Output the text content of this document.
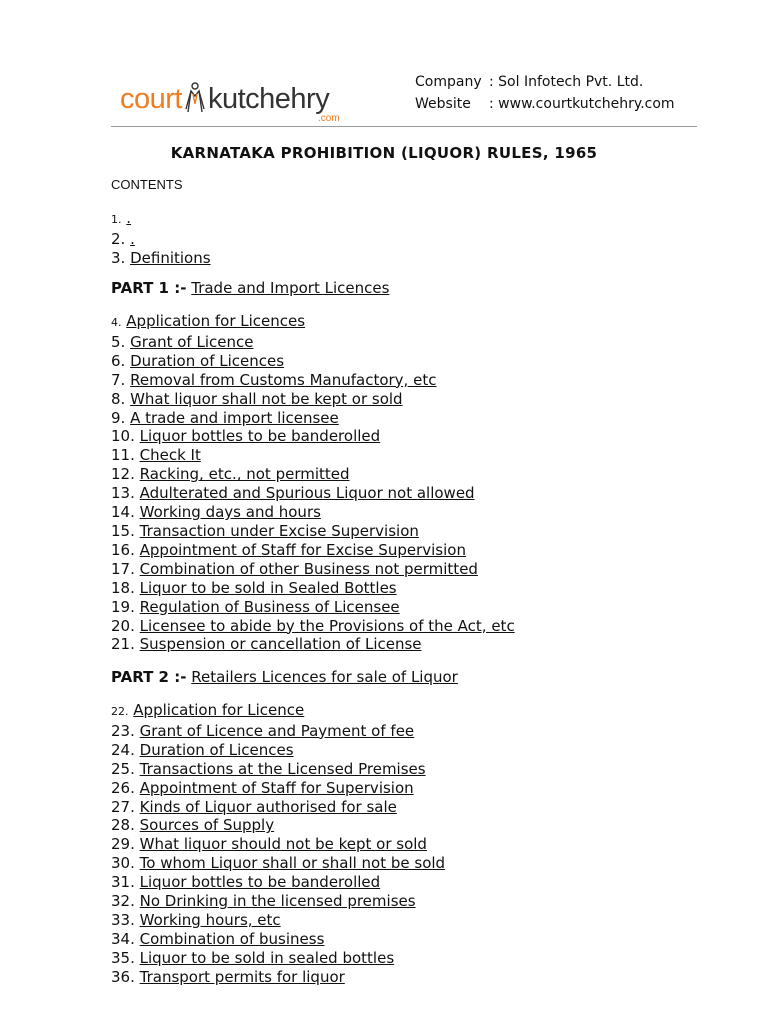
court kutchehry
.com
Company : Sol Infotech Pvt. Ltd.
Website : www.courtkutchehry.com
KARNATAKA PROHIBITION (LIQUOR) RULES, 1965
CONTENTS
1. .
2. .
3. Definitions
PART 1 :- Trade and Import Licences
4. Application for Licences
5. Grant of Licence
6. Duration of Licences
7. Removal from Customs Manufactory, etc
8. What liquor shall not be kept or sold
9. A trade and import licensee
10. Liquor bottles to be banderolled
11. Check It
12. Racking, etc., not permitted
13. Adulterated and Spurious Liquor not allowed
14. Working days and hours
15. Transaction under Excise Supervision
16. Appointment of Staff for Excise Supervision
17. Combination of other Business not permitted
18. Liquor to be sold in Sealed Bottles
19. Regulation of Business of Licensee
20. Licensee to abide by the Provisions of the Act, etc
21. Suspension or cancellation of License
PART 2 :- Retailers Licences for sale of Liquor
22. Application for Licence
23. Grant of Licence and Payment of fee
24. Duration of Licences
25. Transactions at the Licensed Premises
26. Appointment of Staff for Supervision
27. Kinds of Liquor authorised for sale
28. Sources of Supply
29. What liquor should not be kept or sold
30. To whom Liquor shall or shall not be sold
31. Liquor bottles to be banderolled
32. No Drinking in the licensed premises
33. Working hours, etc
34. Combination of business
35. Liquor to be sold in sealed bottles
36. Transport permits for liquor
